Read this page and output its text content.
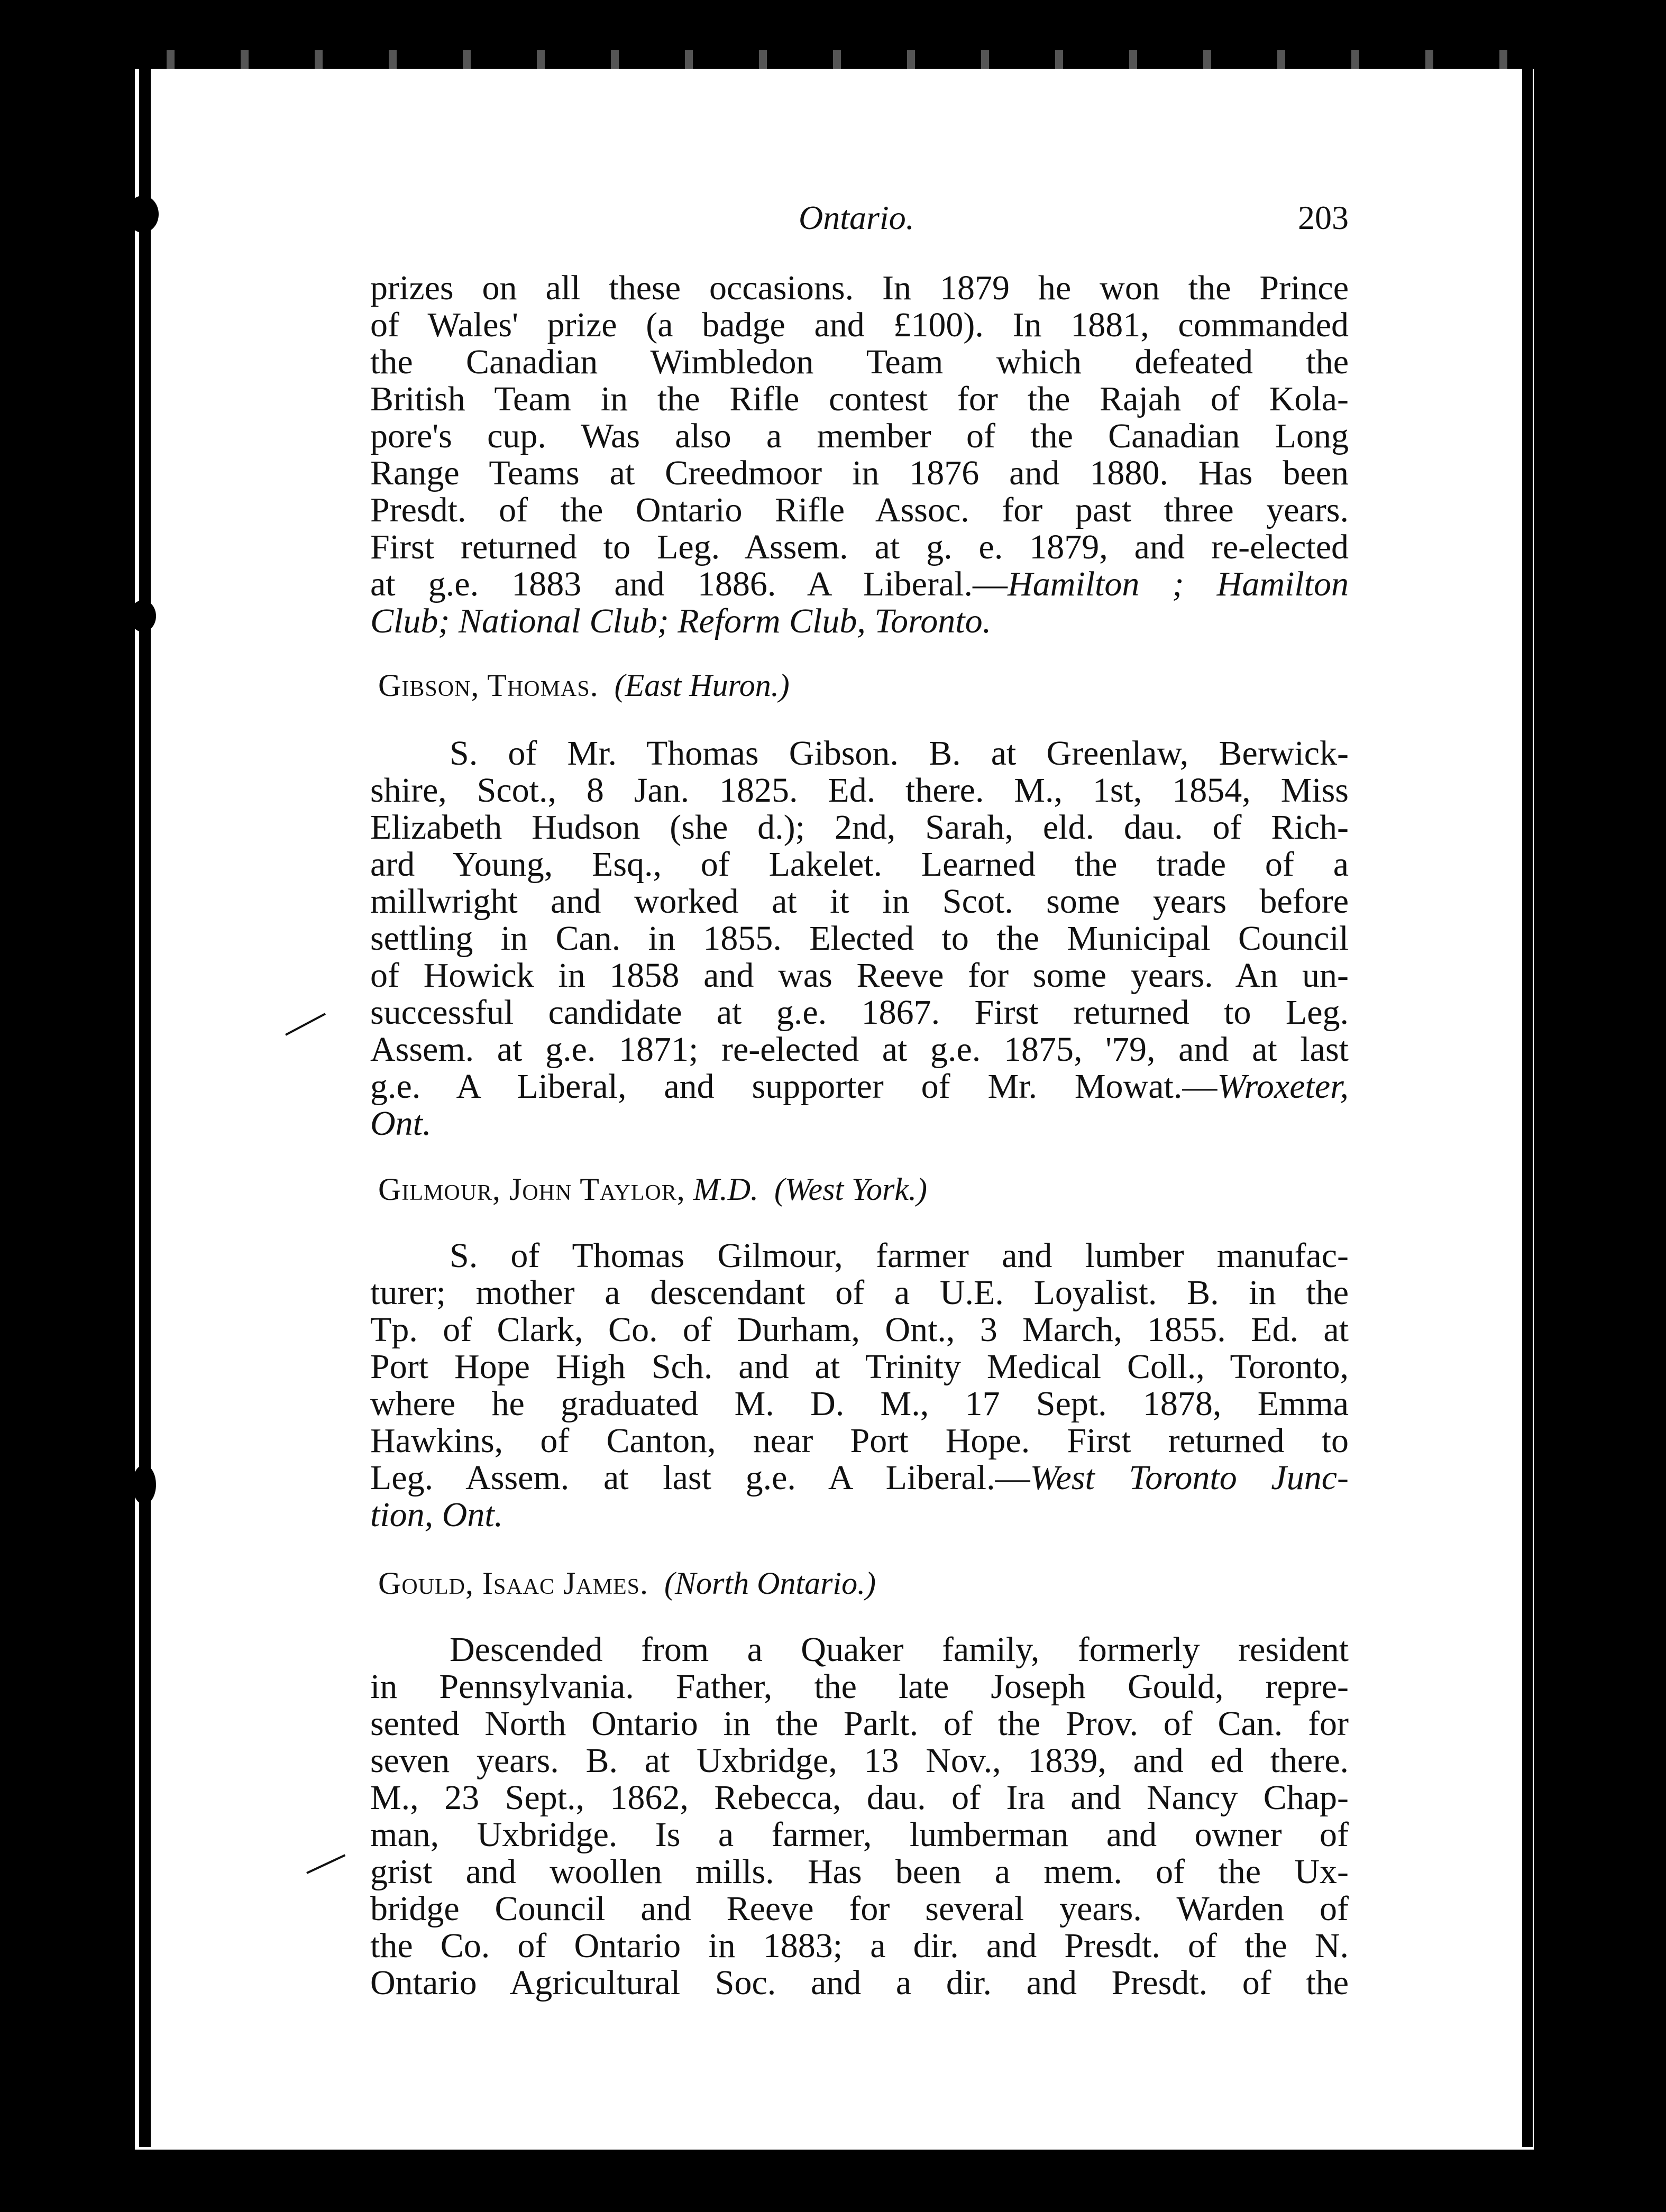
Ontario.	203
prizes on all these occasions. In 1879 he won the Prince
of Wales' prize (a badge and £100). In 1881, commanded
the Canadian Wimbledon Team which defeated the
British Team in the Rifle contest for the Rajah of Kola-
pore's cup. Was also a member of the Canadian Long
Range Teams at Creedmoor in 1876 and 1880. Has been
Presdt. of the Ontario Rifle Assoc. for past three years.
First returned to Leg. Assem. at g. e. 1879, and re-elected
at g.e. 1883 and 1886. A Liberal.—Hamilton ; Hamilton
Club; National Club; Reform Club, Toronto.
Gibson, Thomas. (East Huron.)
S. of Mr. Thomas Gibson. B. at Greenlaw, Berwick-
shire, Scot., 8 Jan. 1825. Ed. there. M., 1st, 1854, Miss
Elizabeth Hudson (she d.); 2nd, Sarah, eld. dau. of Rich-
ard Young, Esq., of Lakelet. Learned the trade of a
millwright and worked at it in Scot. some years before
settling in Can. in 1855. Elected to the Municipal Council
of Howick in 1858 and was Reeve for some years. An un-
successful candidate at g.e. 1867. First returned to Leg.
Assem. at g.e. 1871; re-elected at g.e. 1875, '79, and at last
g.e. A Liberal, and supporter of Mr. Mowat.—Wroxeter,
Ont.
Gilmour, John Taylor, M.D. (West York.)
S. of Thomas Gilmour, farmer and lumber manufac-
turer; mother a descendant of a U.E. Loyalist. B. in the
Tp. of Clark, Co. of Durham, Ont., 3 March, 1855. Ed. at
Port Hope High Sch. and at Trinity Medical Coll., Toronto,
where he graduated M. D. M., 17 Sept. 1878, Emma
Hawkins, of Canton, near Port Hope. First returned to
Leg. Assem. at last g.e. A Liberal.—West Toronto Junc-
tion, Ont.
Gould, Isaac James. (North Ontario.)
Descended from a Quaker family, formerly resident
in Pennsylvania. Father, the late Joseph Gould, repre-
sented North Ontario in the Parlt. of the Prov. of Can. for
seven years. B. at Uxbridge, 13 Nov., 1839, and ed there.
M., 23 Sept., 1862, Rebecca, dau. of Ira and Nancy Chap-
man, Uxbridge. Is a farmer, lumberman and owner of
grist and woollen mills. Has been a mem. of the Ux-
bridge Council and Reeve for several years. Warden of
the Co. of Ontario in 1883; a dir. and Presdt. of the N.
Ontario Agricultural Soc. and a dir. and Presdt. of the
